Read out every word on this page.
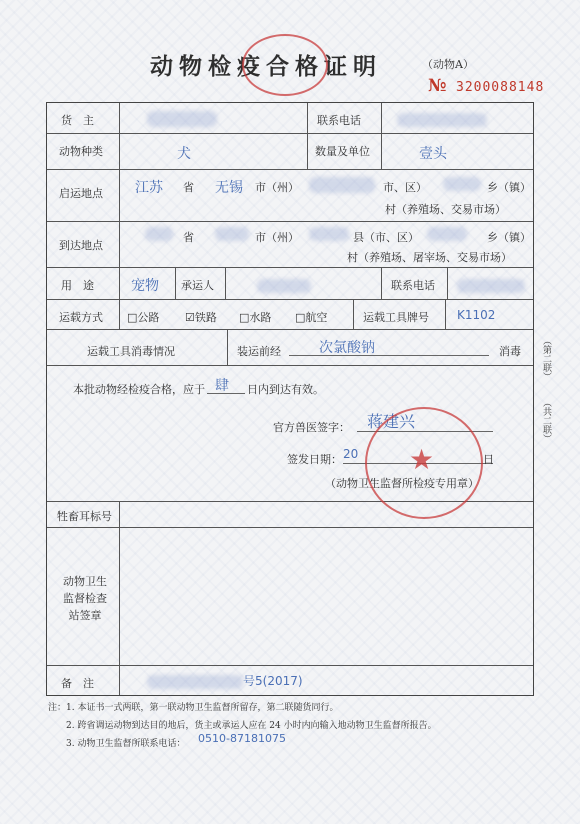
动物检疫合格证明	（动物A）
№ 3200088148
货　主	联系电话
动物种类	犬	数量及单位	壹头
启运地点 江苏 省 无锡 市（州）	市、区）	乡（镇）
村（养殖场、交易市场）
到达地点
省	市（州）	县（市、区）	乡（镇）
村（养殖场、屠宰场、交易市场）
用　途	宠物 承运人	联系电话
运载方式 □公路 ☑铁路 □水路 □航空	运载工具牌号 K1102
运载工具消毒情况	装运前经	次氯酸钠	消毒
本批动物经检疫合格，应于 肆 日内到达有效。
官方兽医签字： 蒋建兴
签发日期： 20	日
（动物卫生监督所检疫专用章）
★
牲畜耳标号
动物卫生
监督检查
站签章
备　注	号5(2017)
注：1. 本证书一式两联，第一联动物卫生监督所留存，第二联随货同行。
2. 跨省调运动物到达目的地后，货主或承运人应在 24 小时内向输入地动物卫生监督所报告。
3. 动物卫生监督所联系电话： 0510-87181075
（第二联）
（共二联）
